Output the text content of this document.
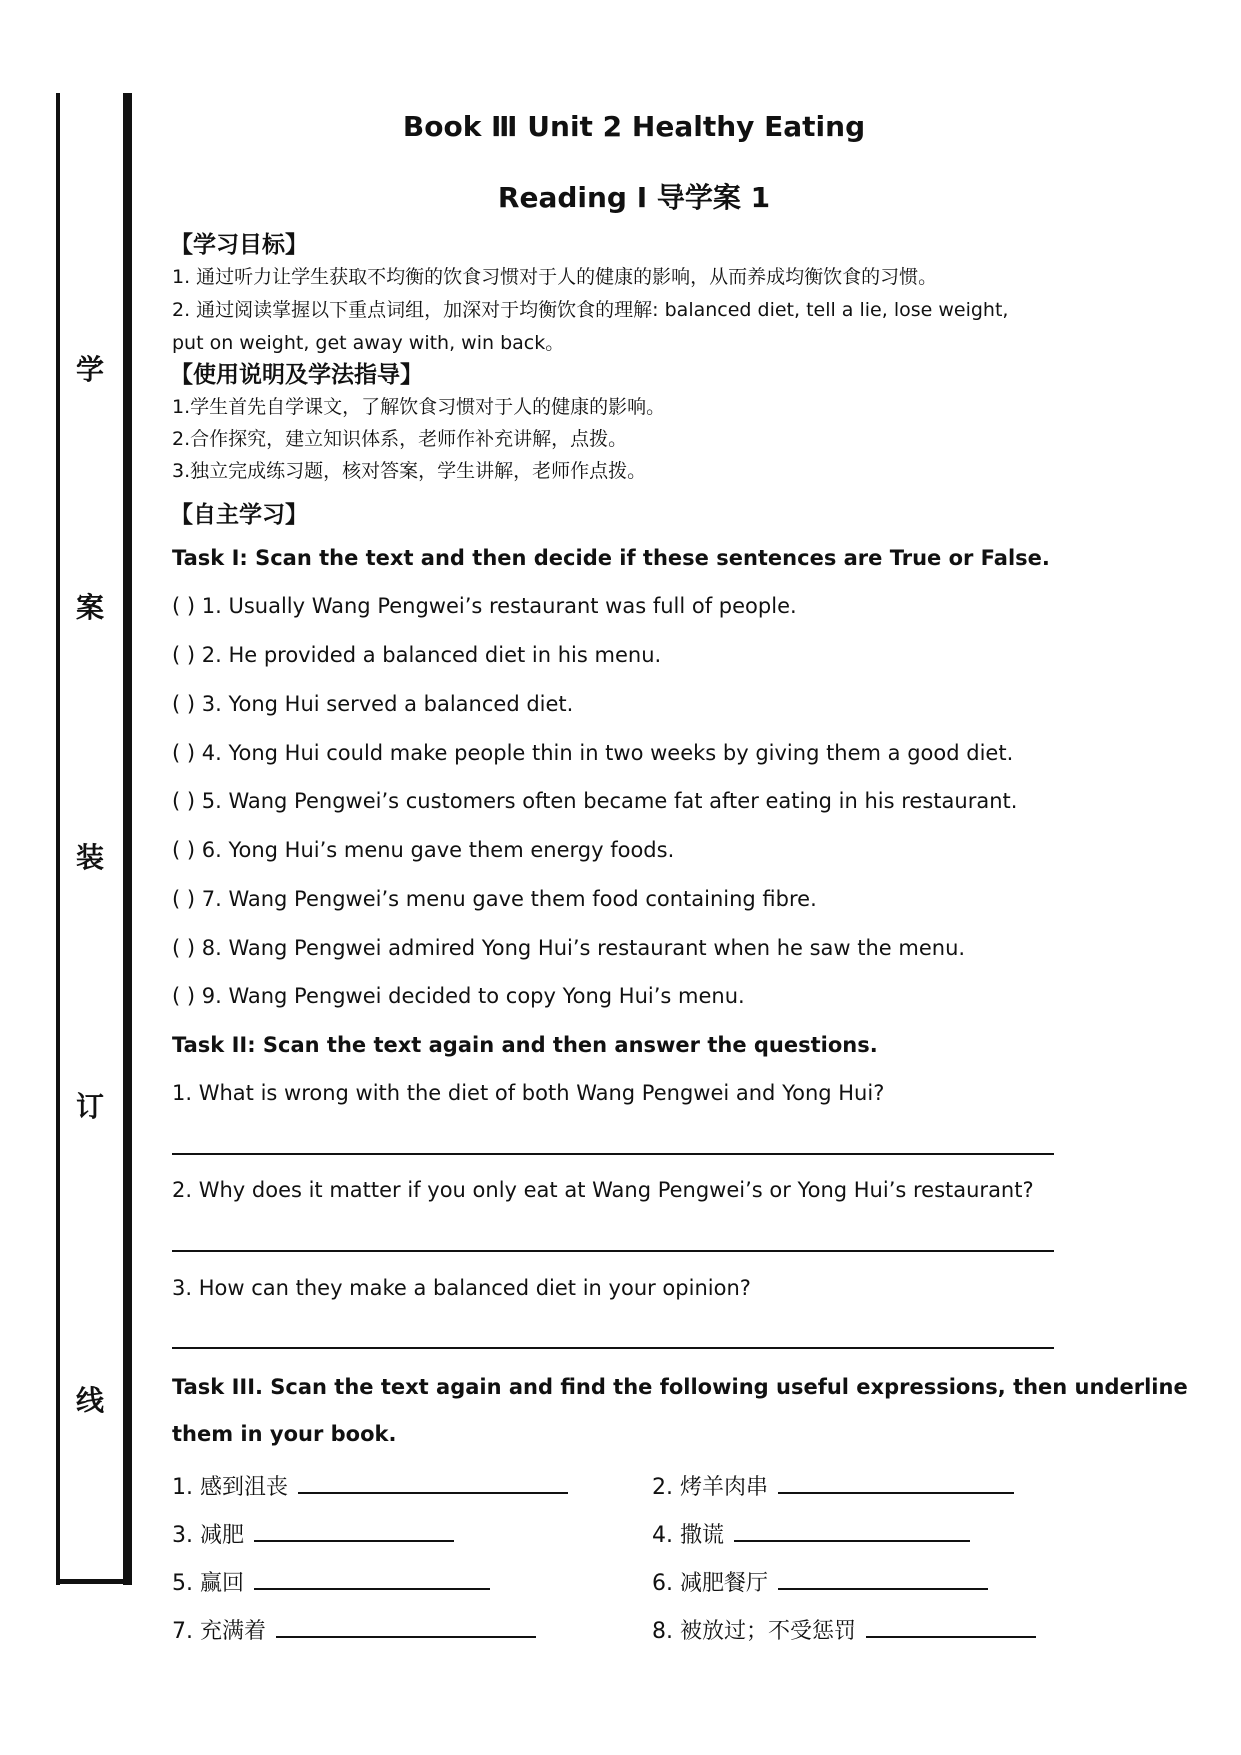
学
案
装
订
线
Book Ⅲ Unit 2 Healthy Eating
Reading I 导学案 1
【学习目标】
1. 通过听力让学生获取不均衡的饮食习惯对于人的健康的影响，从而养成均衡饮食的习惯。
2. 通过阅读掌握以下重点词组，加深对于均衡饮食的理解: balanced diet, tell a lie, lose weight,
put on weight, get away with, win back。
【使用说明及学法指导】
1.学生首先自学课文，了解饮食习惯对于人的健康的影响。
2.合作探究，建立知识体系，老师作补充讲解，点拨。
3.独立完成练习题，核对答案，学生讲解，老师作点拨。
【自主学习】
Task I: Scan the text and then decide if these sentences are True or False.
( ) 1. Usually Wang Pengwei’s restaurant was full of people.
( ) 2. He provided a balanced diet in his menu.
( ) 3. Yong Hui served a balanced diet.
( ) 4. Yong Hui could make people thin in two weeks by giving them a good diet.
( ) 5. Wang Pengwei’s customers often became fat after eating in his restaurant.
( ) 6. Yong Hui’s menu gave them energy foods.
( ) 7. Wang Pengwei’s menu gave them food containing fibre.
( ) 8. Wang Pengwei admired Yong Hui’s restaurant when he saw the menu.
( ) 9. Wang Pengwei decided to copy Yong Hui’s menu.
Task II: Scan the text again and then answer the questions.
1. What is wrong with the diet of both Wang Pengwei and Yong Hui?
2. Why does it matter if you only eat at Wang Pengwei’s or Yong Hui’s restaurant?
3. How can they make a balanced diet in your opinion?
Task III. Scan the text again and find the following useful expressions, then underline
them in your book.
1. 感到沮丧	2. 烤羊肉串
3. 减肥	4. 撒谎
5. 赢回	6. 减肥餐厅
7. 充满着	8. 被放过；不受惩罚
